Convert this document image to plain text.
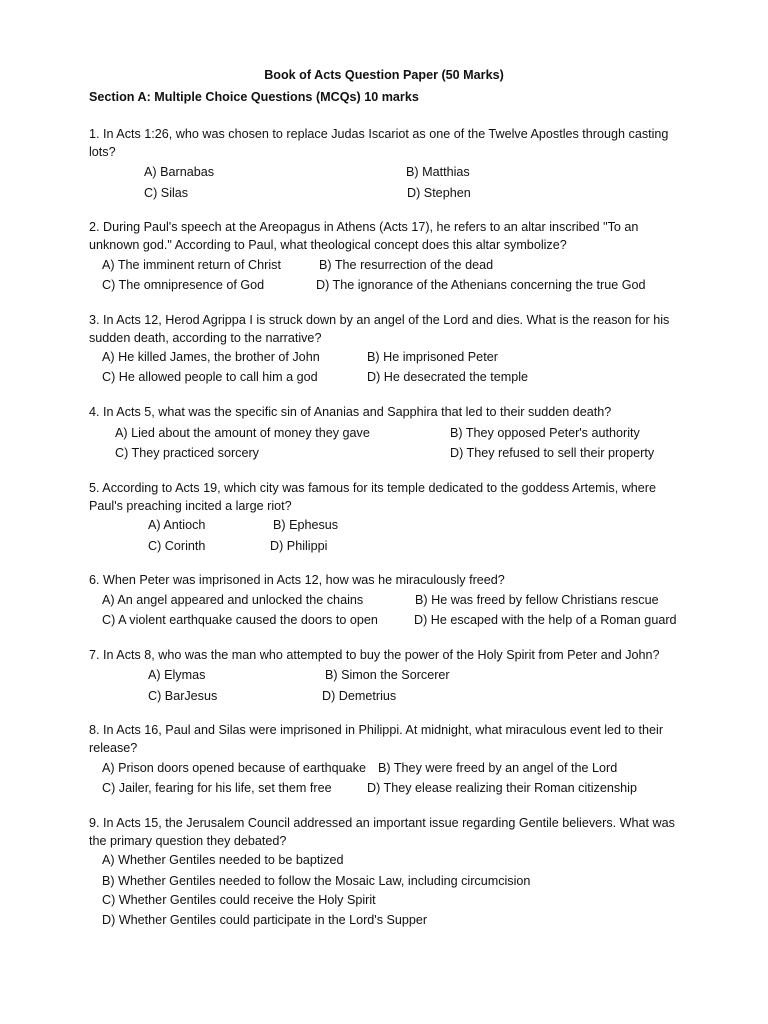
Book of Acts Question Paper (50 Marks)
Section A: Multiple Choice Questions (MCQs) 10 marks
1. In Acts 1:26, who was chosen to replace Judas Iscariot as one of the Twelve Apostles through casting lots?
A) Barnabas	B) Matthias
C) Silas	D) Stephen
2. During Paul's speech at the Areopagus in Athens (Acts 17), he refers to an altar inscribed "To an unknown god." According to Paul, what theological concept does this altar symbolize?
A) The imminent return of Christ	B) The resurrection of the dead
C) The omnipresence of God	D) The ignorance of the Athenians concerning the true God
3. In Acts 12, Herod Agrippa I is struck down by an angel of the Lord and dies. What is the reason for his sudden death, according to the narrative?
A) He killed James, the brother of John	B) He imprisoned Peter
C) He allowed people to call him a god	D) He desecrated the temple
4. In Acts 5, what was the specific sin of Ananias and Sapphira that led to their sudden death?
A) Lied about the amount of money they gave	B) They opposed Peter's authority
C) They practiced sorcery	D) They refused to sell their property
5. According to Acts 19, which city was famous for its temple dedicated to the goddess Artemis, where Paul's preaching incited a large riot?
A) Antioch	B) Ephesus
C) Corinth	D) Philippi
6. When Peter was imprisoned in Acts 12, how was he miraculously freed?
A) An angel appeared and unlocked the chains	B) He was freed by fellow Christians rescue
C) A violent earthquake caused the doors to open	D) He escaped with the help of a Roman guard
7. In Acts 8, who was the man who attempted to buy the power of the Holy Spirit from Peter and John?
A) Elymas	B) Simon the Sorcerer
C) BarJesus	D) Demetrius
8. In Acts 16, Paul and Silas were imprisoned in Philippi. At midnight, what miraculous event led to their release?
A) Prison doors opened because of earthquake B) They were freed by an angel of the Lord
C) Jailer, fearing for his life, set them free	D) They elease realizing their Roman citizenship
9. In Acts 15, the Jerusalem Council addressed an important issue regarding Gentile believers. What was the primary question they debated?
A) Whether Gentiles needed to be baptized
B) Whether Gentiles needed to follow the Mosaic Law, including circumcision
C) Whether Gentiles could receive the Holy Spirit
D) Whether Gentiles could participate in the Lord's Supper
